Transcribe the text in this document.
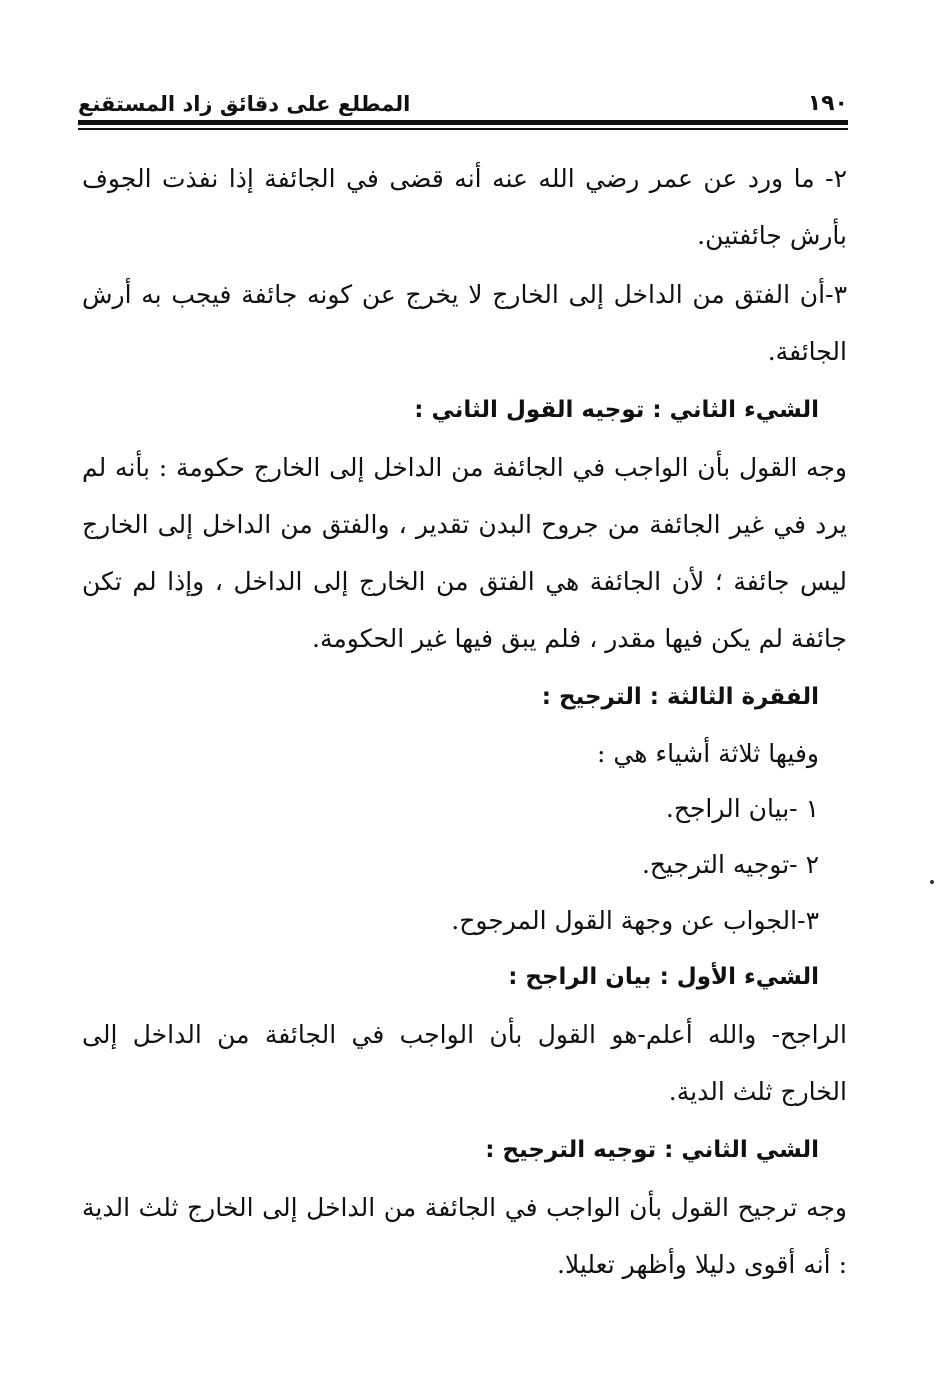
١٩٠
المطلع على دقائق زاد المستقنع

٢- ما ورد عن عمر رضي الله عنه أنه قضى في الجائفة إذا نفذت الجوف بأرش جائفتين.

٣-أن الفتق من الداخل إلى الخارج لا يخرج عن كونه جائفة فيجب به أرش الجائفة.

الشيء الثاني : توجيه القول الثاني :

وجه القول بأن الواجب في الجائفة من الداخل إلى الخارج حكومة : بأنه لم يرد في غير الجائفة من جروح البدن تقدير ، والفتق من الداخل إلى الخارج ليس جائفة ؛ لأن الجائفة هي الفتق من الخارج إلى الداخل ، وإذا لم تكن جائفة لم يكن فيها مقدر ، فلم يبق فيها غير الحكومة.

الفقرة الثالثة : الترجيح :

وفيها ثلاثة أشياء هي :

١ -بيان الراجح.

٢ -توجيه الترجيح.

٣-الجواب عن وجهة القول المرجوح.

الشيء الأول : بيان الراجح :

الراجح- والله أعلم-هو القول بأن الواجب في الجائفة من الداخل إلى الخارج ثلث الدية.

الشي الثاني : توجيه الترجيح :

وجه ترجيح القول بأن الواجب في الجائفة من الداخل إلى الخارج ثلث الدية : أنه أقوى دليلا وأظهر تعليلا.
